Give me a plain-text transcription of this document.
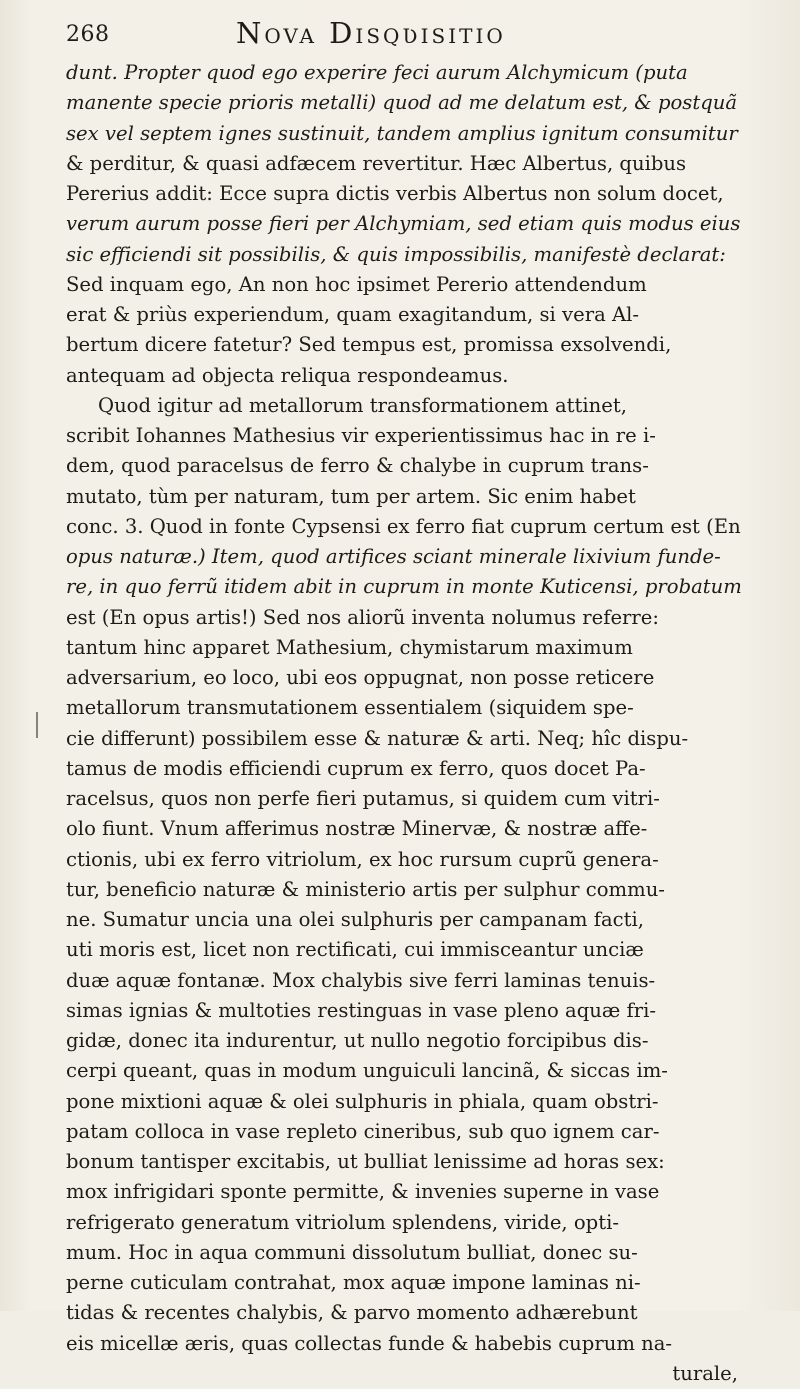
268	Nova Disqʋisitio
dunt. Propter quod ego experire feci aurum Alchymicum (puta
manente specie prioris metalli) quod ad me delatum est, & postquã
sex vel septem ignes sustinuit, tandem amplius ignitum consumitur
& perditur, & quasi adfæcem revertitur. Hæc Albertus, quibus
Pererius addit: Ecce supra dictis verbis Albertus non solum docet,
verum aurum posse fieri per Alchymiam, sed etiam quis modus eius
sic efficiendi sit possibilis, & quis impossibilis, manifestè declarat:
Sed inquam ego, An non hoc ipsimet Pererio attendendum
erat & priùs experiendum, quam exagitandum, si vera Al-
bertum dicere fatetur? Sed tempus est, promissa exsolvendi,
antequam ad objecta reliqua respondeamus.
Quod igitur ad metallorum transformationem attinet,
scribit Iohannes Mathesius vir experientissimus hac in re i-
dem, quod paracelsus de ferro & chalybe in cuprum trans-
mutato, tùm per naturam, tum per artem. Sic enim habet
conc. 3. Quod in fonte Cypsensi ex ferro fiat cuprum certum est (En
opus naturæ.) Item, quod artifices sciant minerale lixivium funde-
re, in quo ferrũ itidem abit in cuprum in monte Kuticensi, probatum
est (En opus artis!) Sed nos aliorũ inventa nolumus referre:
tantum hinc apparet Mathesium, chymistarum maximum
adversarium, eo loco, ubi eos oppugnat, non posse reticere
metallorum transmutationem essentialem (siquidem spe-
cie differunt) possibilem esse & naturæ & arti. Neq; hîc dispu-
tamus de modis efficiendi cuprum ex ferro, quos docet Pa-
racelsus, quos non perfe fieri putamus, si quidem cum vitri-
olo fiunt. Vnum afferimus nostræ Minervæ, & nostræ affe-
ctionis, ubi ex ferro vitriolum, ex hoc rursum cuprũ genera-
tur, beneficio naturæ & ministerio artis per sulphur commu-
ne. Sumatur uncia una olei sulphuris per campanam facti,
uti moris est, licet non rectificati, cui immisceantur unciæ
duæ aquæ fontanæ. Mox chalybis sive ferri laminas tenuis-
simas ignias & multoties restinguas in vase pleno aquæ fri-
gidæ, donec ita indurentur, ut nullo negotio forcipibus dis-
cerpi queant, quas in modum unguiculi lancinã, & siccas im-
pone mixtioni aquæ & olei sulphuris in phiala, quam obstri-
patam colloca in vase repleto cineribus, sub quo ignem car-
bonum tantisper excitabis, ut bulliat lenissime ad horas sex:
mox infrigidari sponte permitte, & invenies superne in vase
refrigerato generatum vitriolum splendens, viride, opti-
mum. Hoc in aqua communi dissolutum bulliat, donec su-
perne cuticulam contrahat, mox aquæ impone laminas ni-
tidas & recentes chalybis, & parvo momento adhærebunt
eis micellæ æris, quas collectas funde & habebis cuprum na-
turale,
